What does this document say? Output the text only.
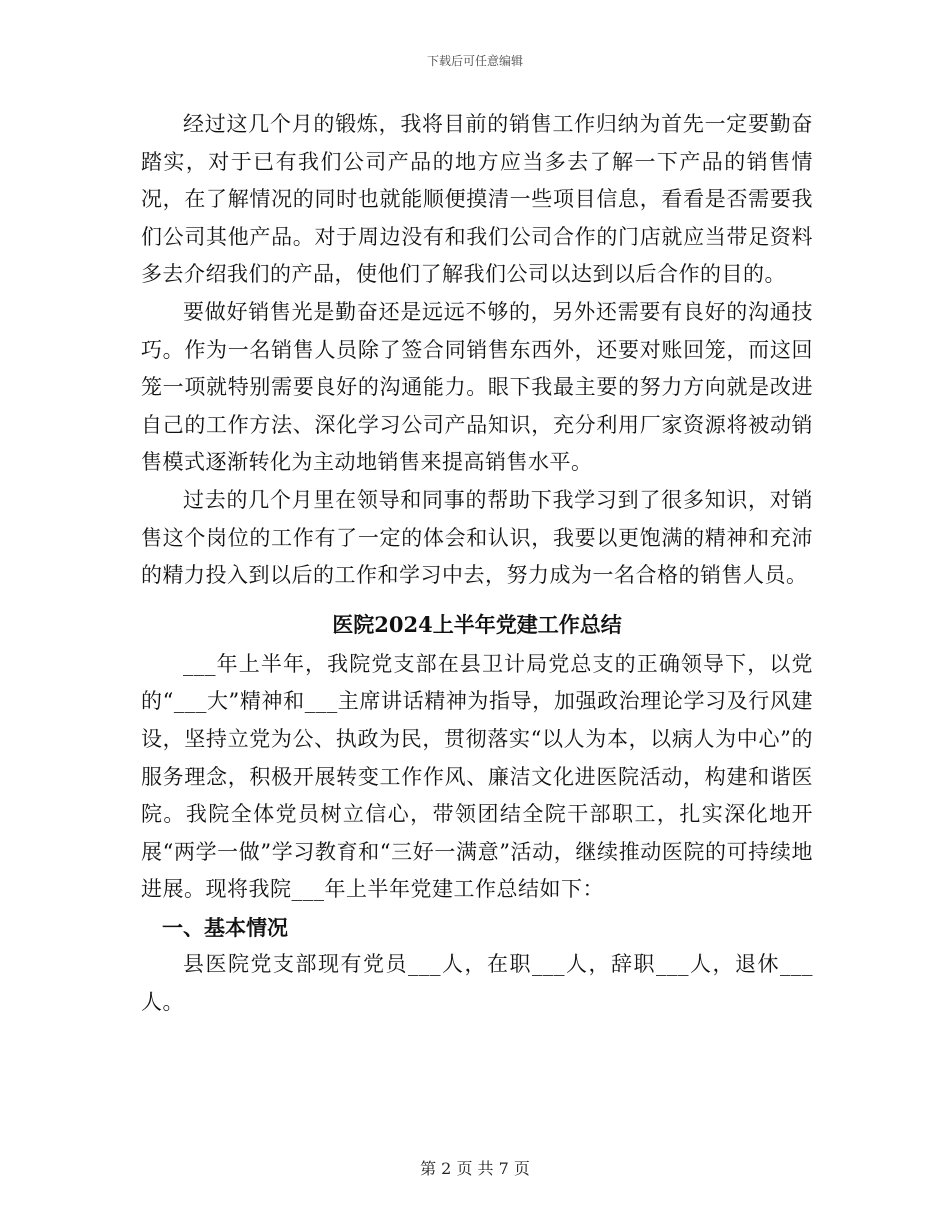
下载后可任意编辑

经过这几个月的锻炼，我将目前的销售工作归纳为首先一定要勤奋踏实，对于已有我们公司产品的地方应当多去了解一下产品的销售情况，在了解情况的同时也就能顺便摸清一些项目信息，看看是否需要我们公司其他产品。对于周边没有和我们公司合作的门店就应当带足资料多去介绍我们的产品，使他们了解我们公司以达到以后合作的目的。

要做好销售光是勤奋还是远远不够的，另外还需要有良好的沟通技巧。作为一名销售人员除了签合同销售东西外，还要对账回笼，而这回笼一项就特别需要良好的沟通能力。眼下我最主要的努力方向就是改进自己的工作方法、深化学习公司产品知识，充分利用厂家资源将被动销售模式逐渐转化为主动地销售来提高销售水平。

过去的几个月里在领导和同事的帮助下我学习到了很多知识，对销售这个岗位的工作有了一定的体会和认识，我要以更饱满的精神和充沛的精力投入到以后的工作和学习中去，努力成为一名合格的销售人员。

医院2024上半年党建工作总结

___年上半年，我院党支部在县卫计局党总支的正确领导下，以党的“___大”精神和___主席讲话精神为指导，加强政治理论学习及行风建设，坚持立党为公、执政为民，贯彻落实“以人为本，以病人为中心”的服务理念，积极开展转变工作作风、廉洁文化进医院活动，构建和谐医院。我院全体党员树立信心，带领团结全院干部职工，扎实深化地开展“两学一做”学习教育和“三好一满意”活动，继续推动医院的可持续地进展。现将我院___年上半年党建工作总结如下：

一、基本情况

县医院党支部现有党员___人，在职___人，辞职___人，退休___人。

第 2 页 共 7 页
